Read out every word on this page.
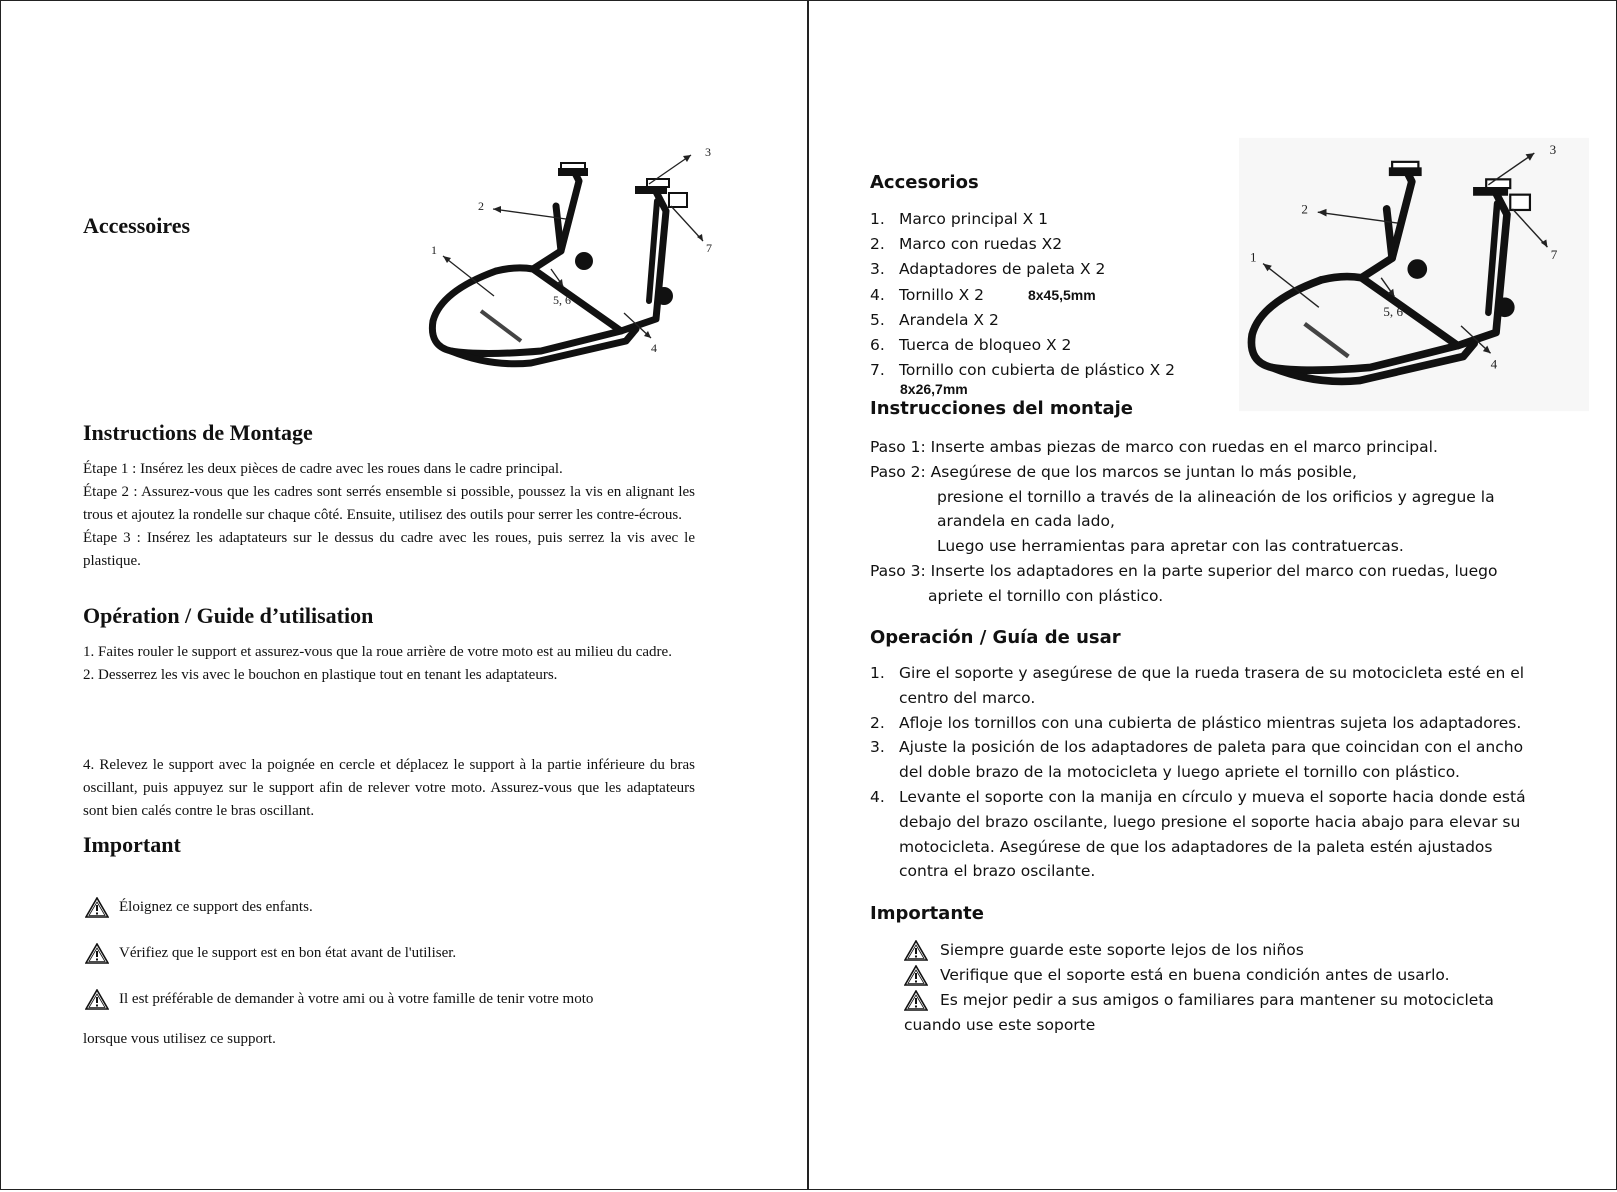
Accessoires
1
2
3
4
5, 6
7
Instructions de Montage

Étape 1 : Insérez les deux pièces de cadre avec les roues dans le cadre principal.

Étape 2 : Assurez-vous que les cadres sont serrés ensemble si possible, poussez la vis en alignant les trous et ajoutez la rondelle sur chaque côté. Ensuite, utilisez des outils pour serrer les contre-écrous.

Étape 3 : Insérez les adaptateurs sur le dessus du cadre avec les roues, puis serrez la vis avec le plastique.

Opération / Guide d’utilisation

1. Faites rouler le support et assurez-vous que la roue arrière de votre moto est au milieu du cadre.

2. Desserrez les vis avec le bouchon en plastique tout en tenant les adaptateurs.

4. Relevez le support avec la poignée en cercle et déplacez le support à la partie inférieure du bras oscillant, puis appuyez sur le support afin de relever votre moto. Assurez-vous que les adaptateurs sont bien calés contre le bras oscillant.

Important
Éloignez ce support des enfants.
Vérifiez que le support est en bon état avant de l'utiliser.
Il est préférable de demander à votre ami ou à votre famille de tenir votre moto
lorsque vous utilisez ce support.
Accesorios
1. Marco principal X 1
2. Marco con ruedas X2
3. Adaptadores de paleta X 2
4. Tornillo X 2	8x45,5mm
5. Arandela X 2
6. Tuerca de bloqueo X 2
7. Tornillo con cubierta de plástico X 2
8x26,7mm
1
2
3
4
5, 6
7
Instrucciones del montaje

Paso 1: Inserte ambas piezas de marco con ruedas en el marco principal.

Paso 2: Asegúrese de que los marcos se juntan lo más posible,

presione el tornillo a través de la alineación de los orificios y agregue la

arandela en cada lado,

Luego use herramientas para apretar con las contratuercas.

Paso 3: Inserte los adaptadores en la parte superior del marco con ruedas, luego

apriete el tornillo con plástico.

Operación / Guía de usar
1. Gire el soporte y asegúrese de que la rueda trasera de su motocicleta esté en el

centro del marco.

2. Afloje los tornillos con una cubierta de plástico mientras sujeta los adaptadores.

3. Ajuste la posición de los adaptadores de paleta para que coincidan con el ancho

del doble brazo de la motocicleta y luego apriete el tornillo con plástico.

4. Levante el soporte con la manija en círculo y mueva el soporte hacia donde está

debajo del brazo oscilante, luego presione el soporte hacia abajo para elevar su

motocicleta. Asegúrese de que los adaptadores de la paleta estén ajustados

contra el brazo oscilante.

Importante
Siempre guarde este soporte lejos de los niños
Verifique que el soporte está en buena condición antes de usarlo.
Es mejor pedir a sus amigos o familiares para mantener su motocicleta
cuando use este soporte
